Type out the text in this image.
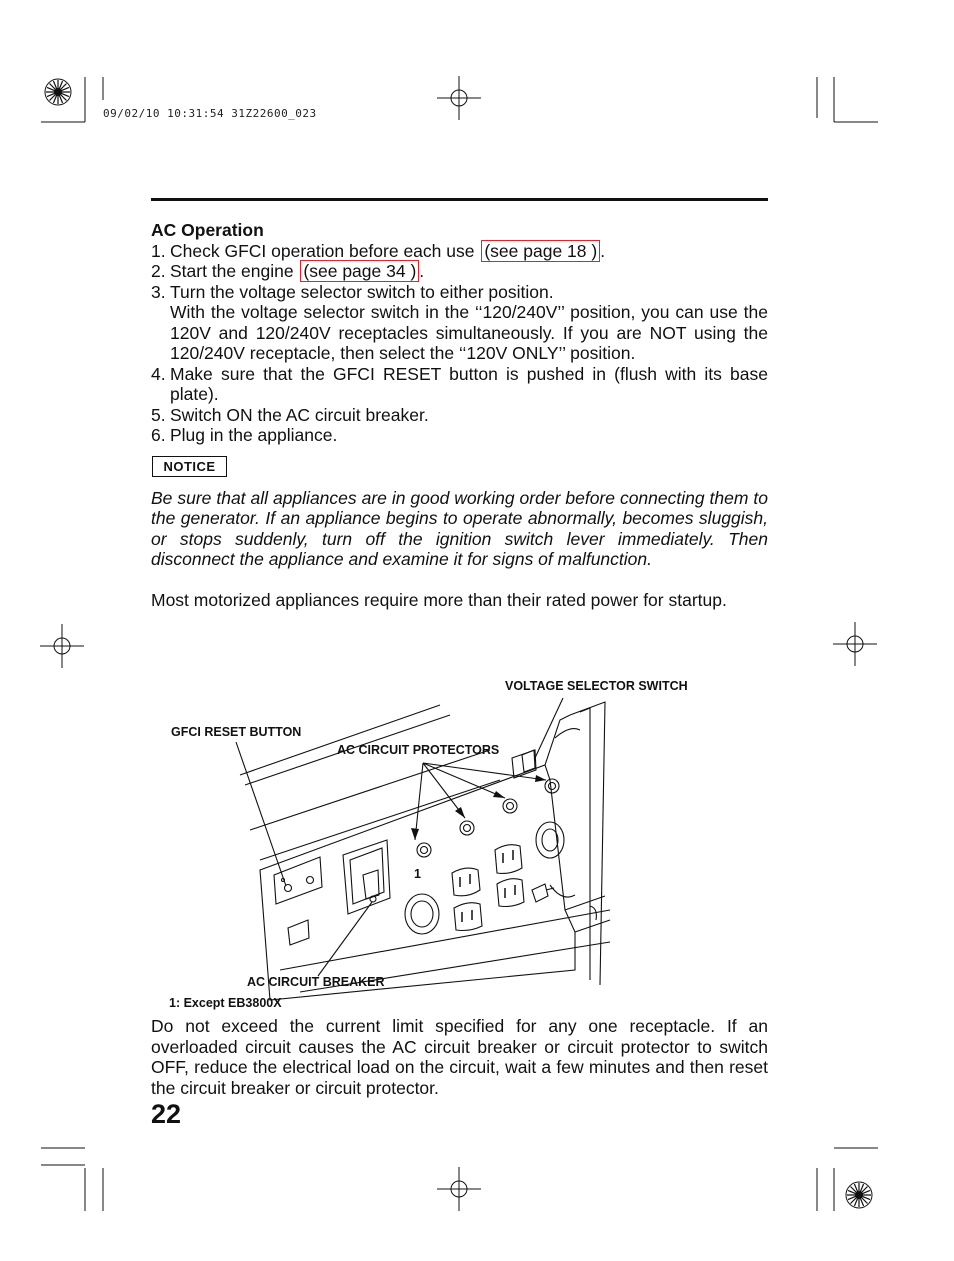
09/02/10 10:31:54 31Z22600_023
AC Operation
1. Check GFCI operation before each use (see page 18 ) .
2. Start the engine (see page 34 ) .
3. Turn the voltage selector switch to either position.
With the voltage selector switch in the ‘‘120/240V’’ position, you can use the 120V and 120/240V receptacles simultaneously. If you are NOT using the 120/240V receptacle, then select the ‘‘120V ONLY’’ position.
4. Make sure that the GFCI RESET button is pushed in (flush with its base plate).
5. Switch ON the AC circuit breaker.
6. Plug in the appliance.
NOTICE
Be sure that all appliances are in good working order before connecting them to the generator. If an appliance begins to operate abnormally, becomes sluggish, or stops suddenly, turn off the ignition switch lever immediately. Then disconnect the appliance and examine it for signs of malfunction.
Most motorized appliances require more than their rated power for startup.
VOLTAGE SELECTOR SWITCH
GFCI RESET BUTTON
AC CIRCUIT PROTECTORS
1
AC CIRCUIT BREAKER
1: Except EB3800X
Do not exceed the current limit specified for any one receptacle. If an overloaded circuit causes the AC circuit breaker or circuit protector to switch OFF, reduce the electrical load on the circuit, wait a few minutes and then reset the circuit breaker or circuit protector.
22
